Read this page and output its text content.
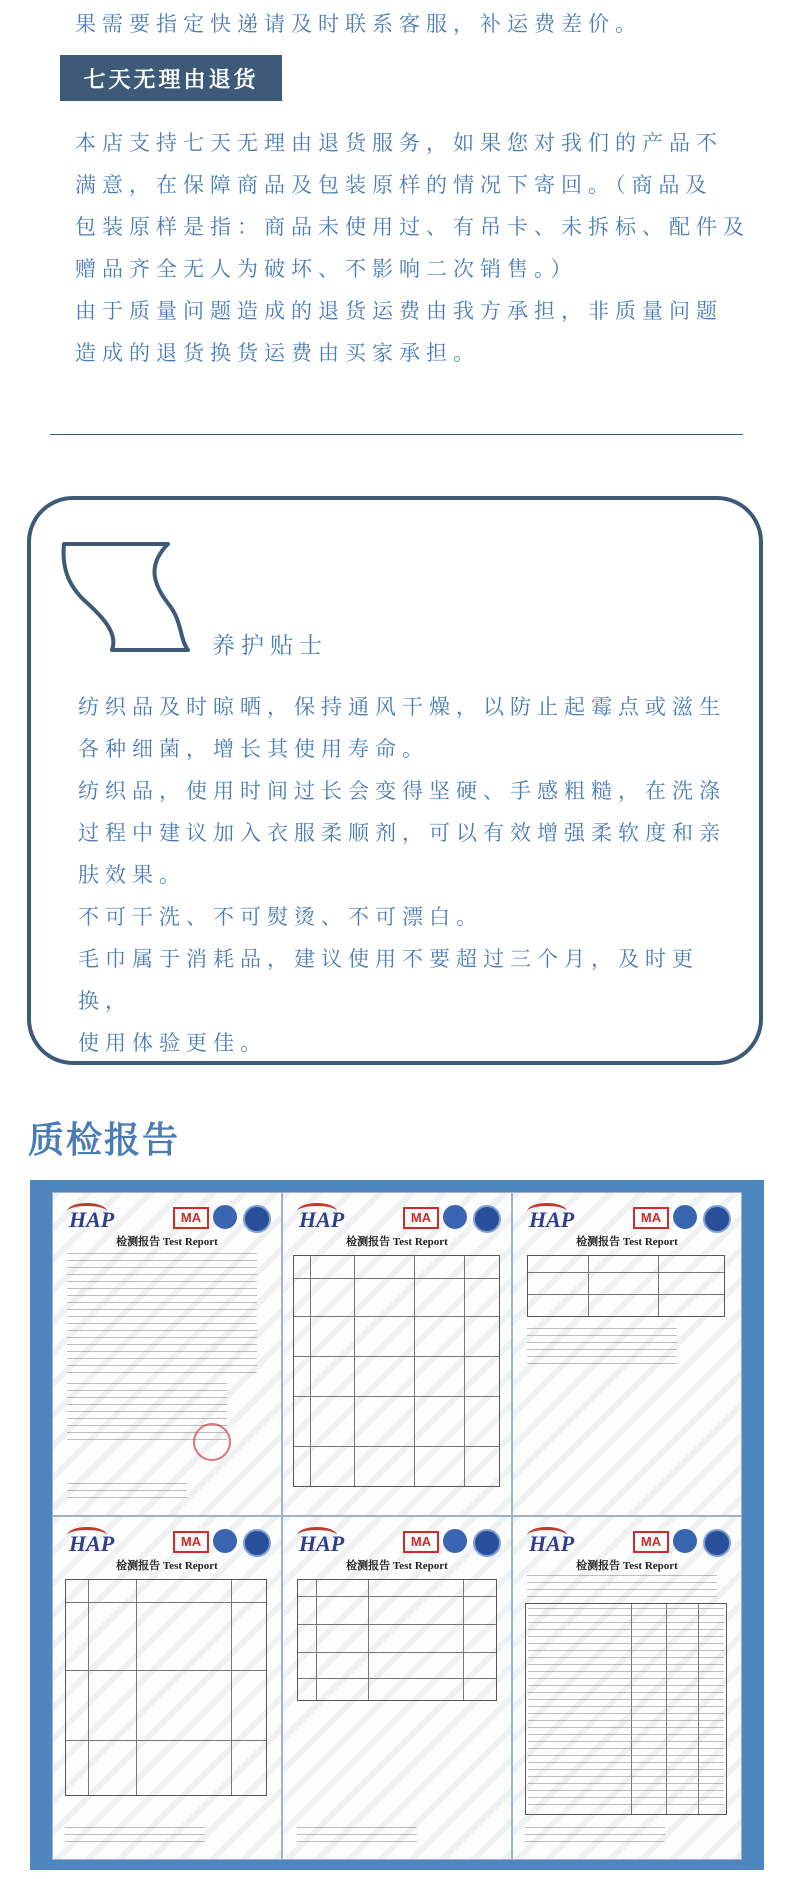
果需要指定快递请及时联系客服，补运费差价。
七天无理由退货

本店支持七天无理由退货服务，如果您对我们的产品不

满意，在保障商品及包装原样的情况下寄回。（商品及

包装原样是指：商品未使用过、有吊卡、未拆标、配件及

赠品齐全无人为破坏、不影响二次销售。）

由于质量问题造成的退货运费由我方承担，非质量问题

造成的退货换货运费由买家承担。

养护贴士

纺织品及时晾晒，保持通风干燥，以防止起霉点或滋生

各种细菌，增长其使用寿命。

纺织品，使用时间过长会变得坚硬、手感粗糙，在洗涤

过程中建议加入衣服柔顺剂，可以有效增强柔软度和亲

肤效果。

不可干洗、不可熨烫、不可漂白。

毛巾属于消耗品，建议使用不要超过三个月，及时更换，

使用体验更佳。

质检报告
HAP	MA
检测报告 Test Report
HAP	MA
检测报告 Test Report
HAP	MA
检测报告 Test Report
HAP	MA
检测报告 Test Report
HAP	MA
检测报告 Test Report
HAP	MA
检测报告 Test Report
